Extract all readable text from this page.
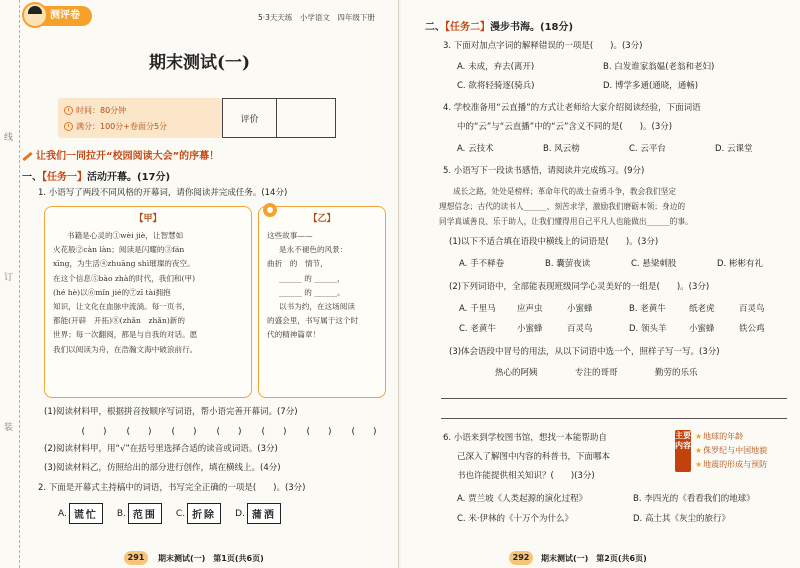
线
订
装
测评卷	5·3天天练　小学语文　四年级下册
期末测试(一)
时间：80分钟
满分：100分+卷面分5分
评价
让我们一同拉开“校园阅读大会”的序幕！
一、【任务一】活动开幕。(17分)
1. 小语写了两段不同风格的开幕词，请你阅读并完成任务。(14分)
【甲】

书籍是心灵的①wèi jiè，让智慧如

火花般②càn làn；阅读是闪耀的③fán

xīng，为生活④zhuāng shì璀璨的夜空。

在这个信息⑤bào zhà的时代，我们和(甲)

(hé hè)以⑥mǐn jié的⑦zī tài拥抱

知识，让文化在血脉中流淌。每一页书，

都能(开辟　开拓)⑧(zhǎn　zhǎn)新的

世界；每一次翻阅，都是与自我的对话。愿

我们以阅读为舟，在浩瀚文海中破浪前行。

【乙】

这些故事——

是永不褪色的风景：

曲折　的　情节，

______ 的 ______，

______ 的 ______。

以书为约，在这场阅读

的盛会里，书写属于这个时

代的精神篇章！

(1)阅读材料甲，根据拼音按顺序写词语，帮小语完善开幕词。(7分)
(　　)	(　　)	(　　)	(　　)	(　　)	(　　)	(　　)
(2)阅读材料甲，用“√”在括号里选择合适的读音或词语。(3分)
(3)阅读材料乙，仿照给出的部分进行创作，填在横线上。(4分)
2. 下面是开幕式主持稿中的词语，书写完全正确的一项是(　　)。(3分)
A. 谎忙	B. 范围	C. 折除	D. 蒲洒
291	期末测试(一)　第1页(共6页)
二、【任务二】漫步书海。(18分)
3. 下面对加点字词的解释错误的一项是(　　)。(3分)
A. 未成，弃去(离开)	B. 白发谁家翁媪(老翁和老妇)
C. 欲将轻骑逐(骑兵)	D. 博学多通(通晓，通畅)
4. 学校准备用“云直播”的方式让老师给大家介绍阅读经验，下面词语
中的“云”与“云直播”中的“云”含义不同的是(　　)。(3分)
A. 云技术	B. 风云榜	C. 云平台	D. 云课堂
5. 小语写下一段读书感悟，请阅读并完成练习。(9分)

成长之路，处处是榜样；革命年代的战士奋勇斗争，教会我们坚定

理想信念；古代的读书人______、刻苦求学，激励我们磨砺本领；身边的

同学真诚善良、乐于助人，让我们懂得用自己平凡人也能做出______的事。

(1)以下不适合填在语段中横线上的词语是(　　)。(3分)
A. 手不释卷	B. 囊萤夜读	C. 悬梁刺股	D. 彬彬有礼
(2)下列词语中，全部能表现班级同学心灵美好的一组是(　　)。(3分)
A. 千里马	应声虫	小蜜蜂	B. 老黄牛	纸老虎	百灵鸟
C. 老黄牛 小蜜蜂	百灵鸟	D. 领头羊	小蜜蜂	铁公鸡
(3)体会语段中冒号的用法，从以下词语中选一个，照样子写一写。(3分)
热心的阿姨	专注的哥哥	勤劳的乐乐
6. 小语来到学校图书馆，想找一本能帮助自
己深入了解图中内容的科普书，下面哪本
书也许能提供相关知识？(　　)(3分)
主要内容
★地球的年龄
★侏罗纪与中国地貌
★地震的形成与预防
A. 贾兰坡《人类起源的演化过程》	B. 李四光的《看看我们的地球》
C. 米·伊林的《十万个为什么》	D. 高士其《灰尘的旅行》
292	期末测试(一)　第2页(共6页)
